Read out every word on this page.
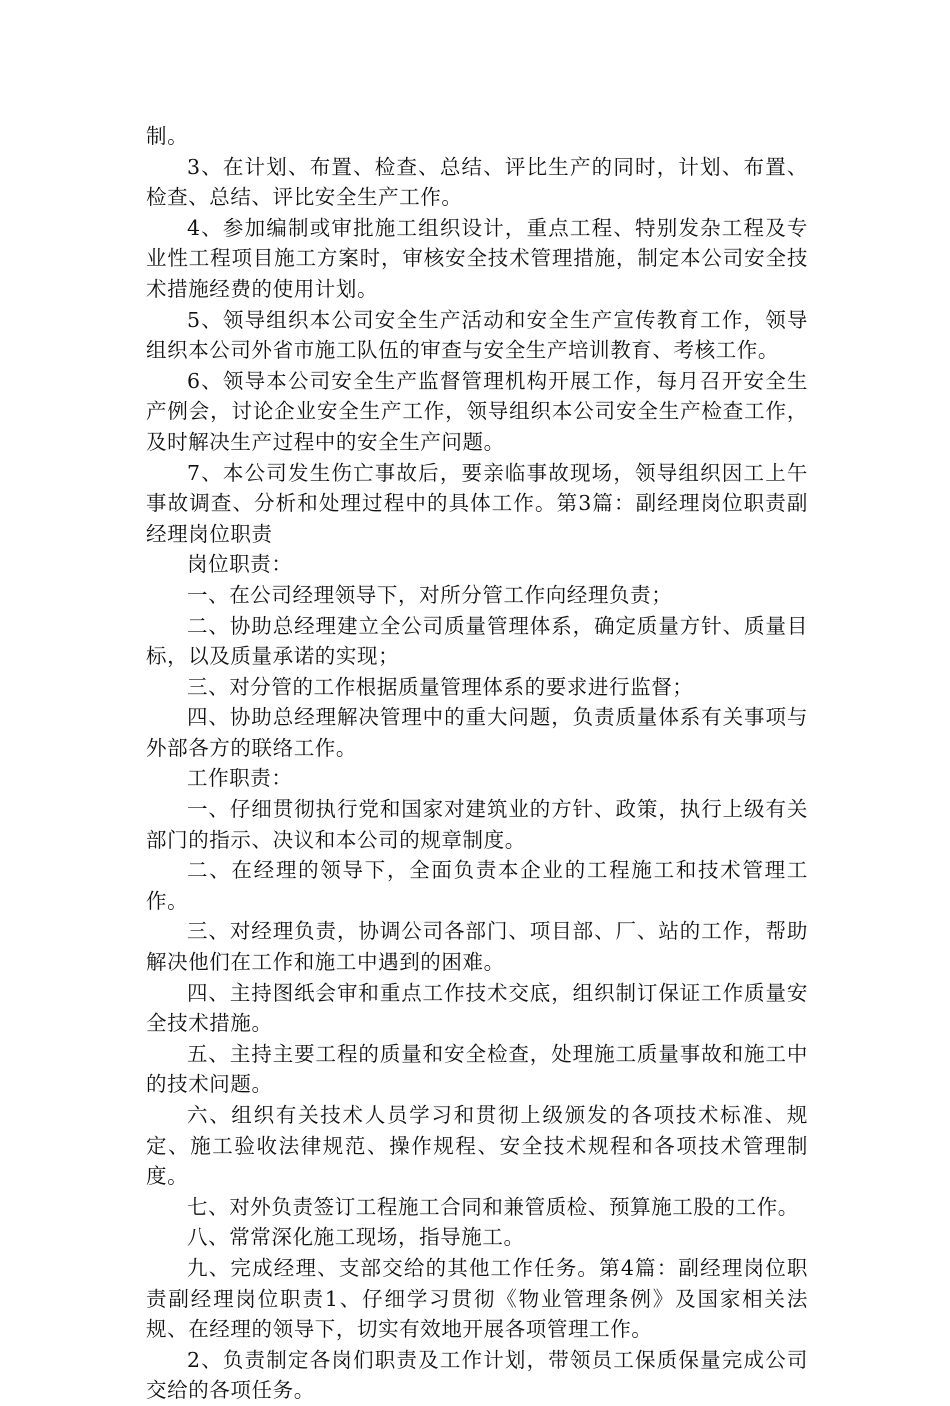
制。

3、在计划、布置、检查、总结、评比生产的同时，计划、布置、检查、总结、评比安全生产工作。

4、参加编制或审批施工组织设计，重点工程、特别发杂工程及专业性工程项目施工方案时，审核安全技术管理措施，制定本公司安全技术措施经费的使用计划。

5、领导组织本公司安全生产活动和安全生产宣传教育工作，领导组织本公司外省市施工队伍的审查与安全生产培训教育、考核工作。

6、领导本公司安全生产监督管理机构开展工作，每月召开安全生产例会，讨论企业安全生产工作，领导组织本公司安全生产检查工作，及时解决生产过程中的安全生产问题。

7、本公司发生伤亡事故后，要亲临事故现场，领导组织因工上午事故调查、分析和处理过程中的具体工作。第3篇：副经理岗位职责副经理岗位职责

岗位职责：

一、在公司经理领导下，对所分管工作向经理负责；

二、协助总经理建立全公司质量管理体系，确定质量方针、质量目标，以及质量承诺的实现；

三、对分管的工作根据质量管理体系的要求进行监督；

四、协助总经理解决管理中的重大问题，负责质量体系有关事项与外部各方的联络工作。

工作职责：

一、仔细贯彻执行党和国家对建筑业的方针、政策，执行上级有关部门的指示、决议和本公司的规章制度。

二、在经理的领导下，全面负责本企业的工程施工和技术管理工作。

三、对经理负责，协调公司各部门、项目部、厂、站的工作，帮助解决他们在工作和施工中遇到的困难。

四、主持图纸会审和重点工作技术交底，组织制订保证工作质量安全技术措施。

五、主持主要工程的质量和安全检查，处理施工质量事故和施工中的技术问题。

六、组织有关技术人员学习和贯彻上级颁发的各项技术标准、规定、施工验收法律规范、操作规程、安全技术规程和各项技术管理制度。

七、对外负责签订工程施工合同和兼管质检、预算施工股的工作。

八、常常深化施工现场，指导施工。

九、完成经理、支部交给的其他工作任务。第4篇：副经理岗位职责副经理岗位职责1、仔细学习贯彻《物业管理条例》及国家相关法规、在经理的领导下，切实有效地开展各项管理工作。

2、负责制定各岗们职责及工作计划，带领员工保质保量完成公司交给的各项任务。
